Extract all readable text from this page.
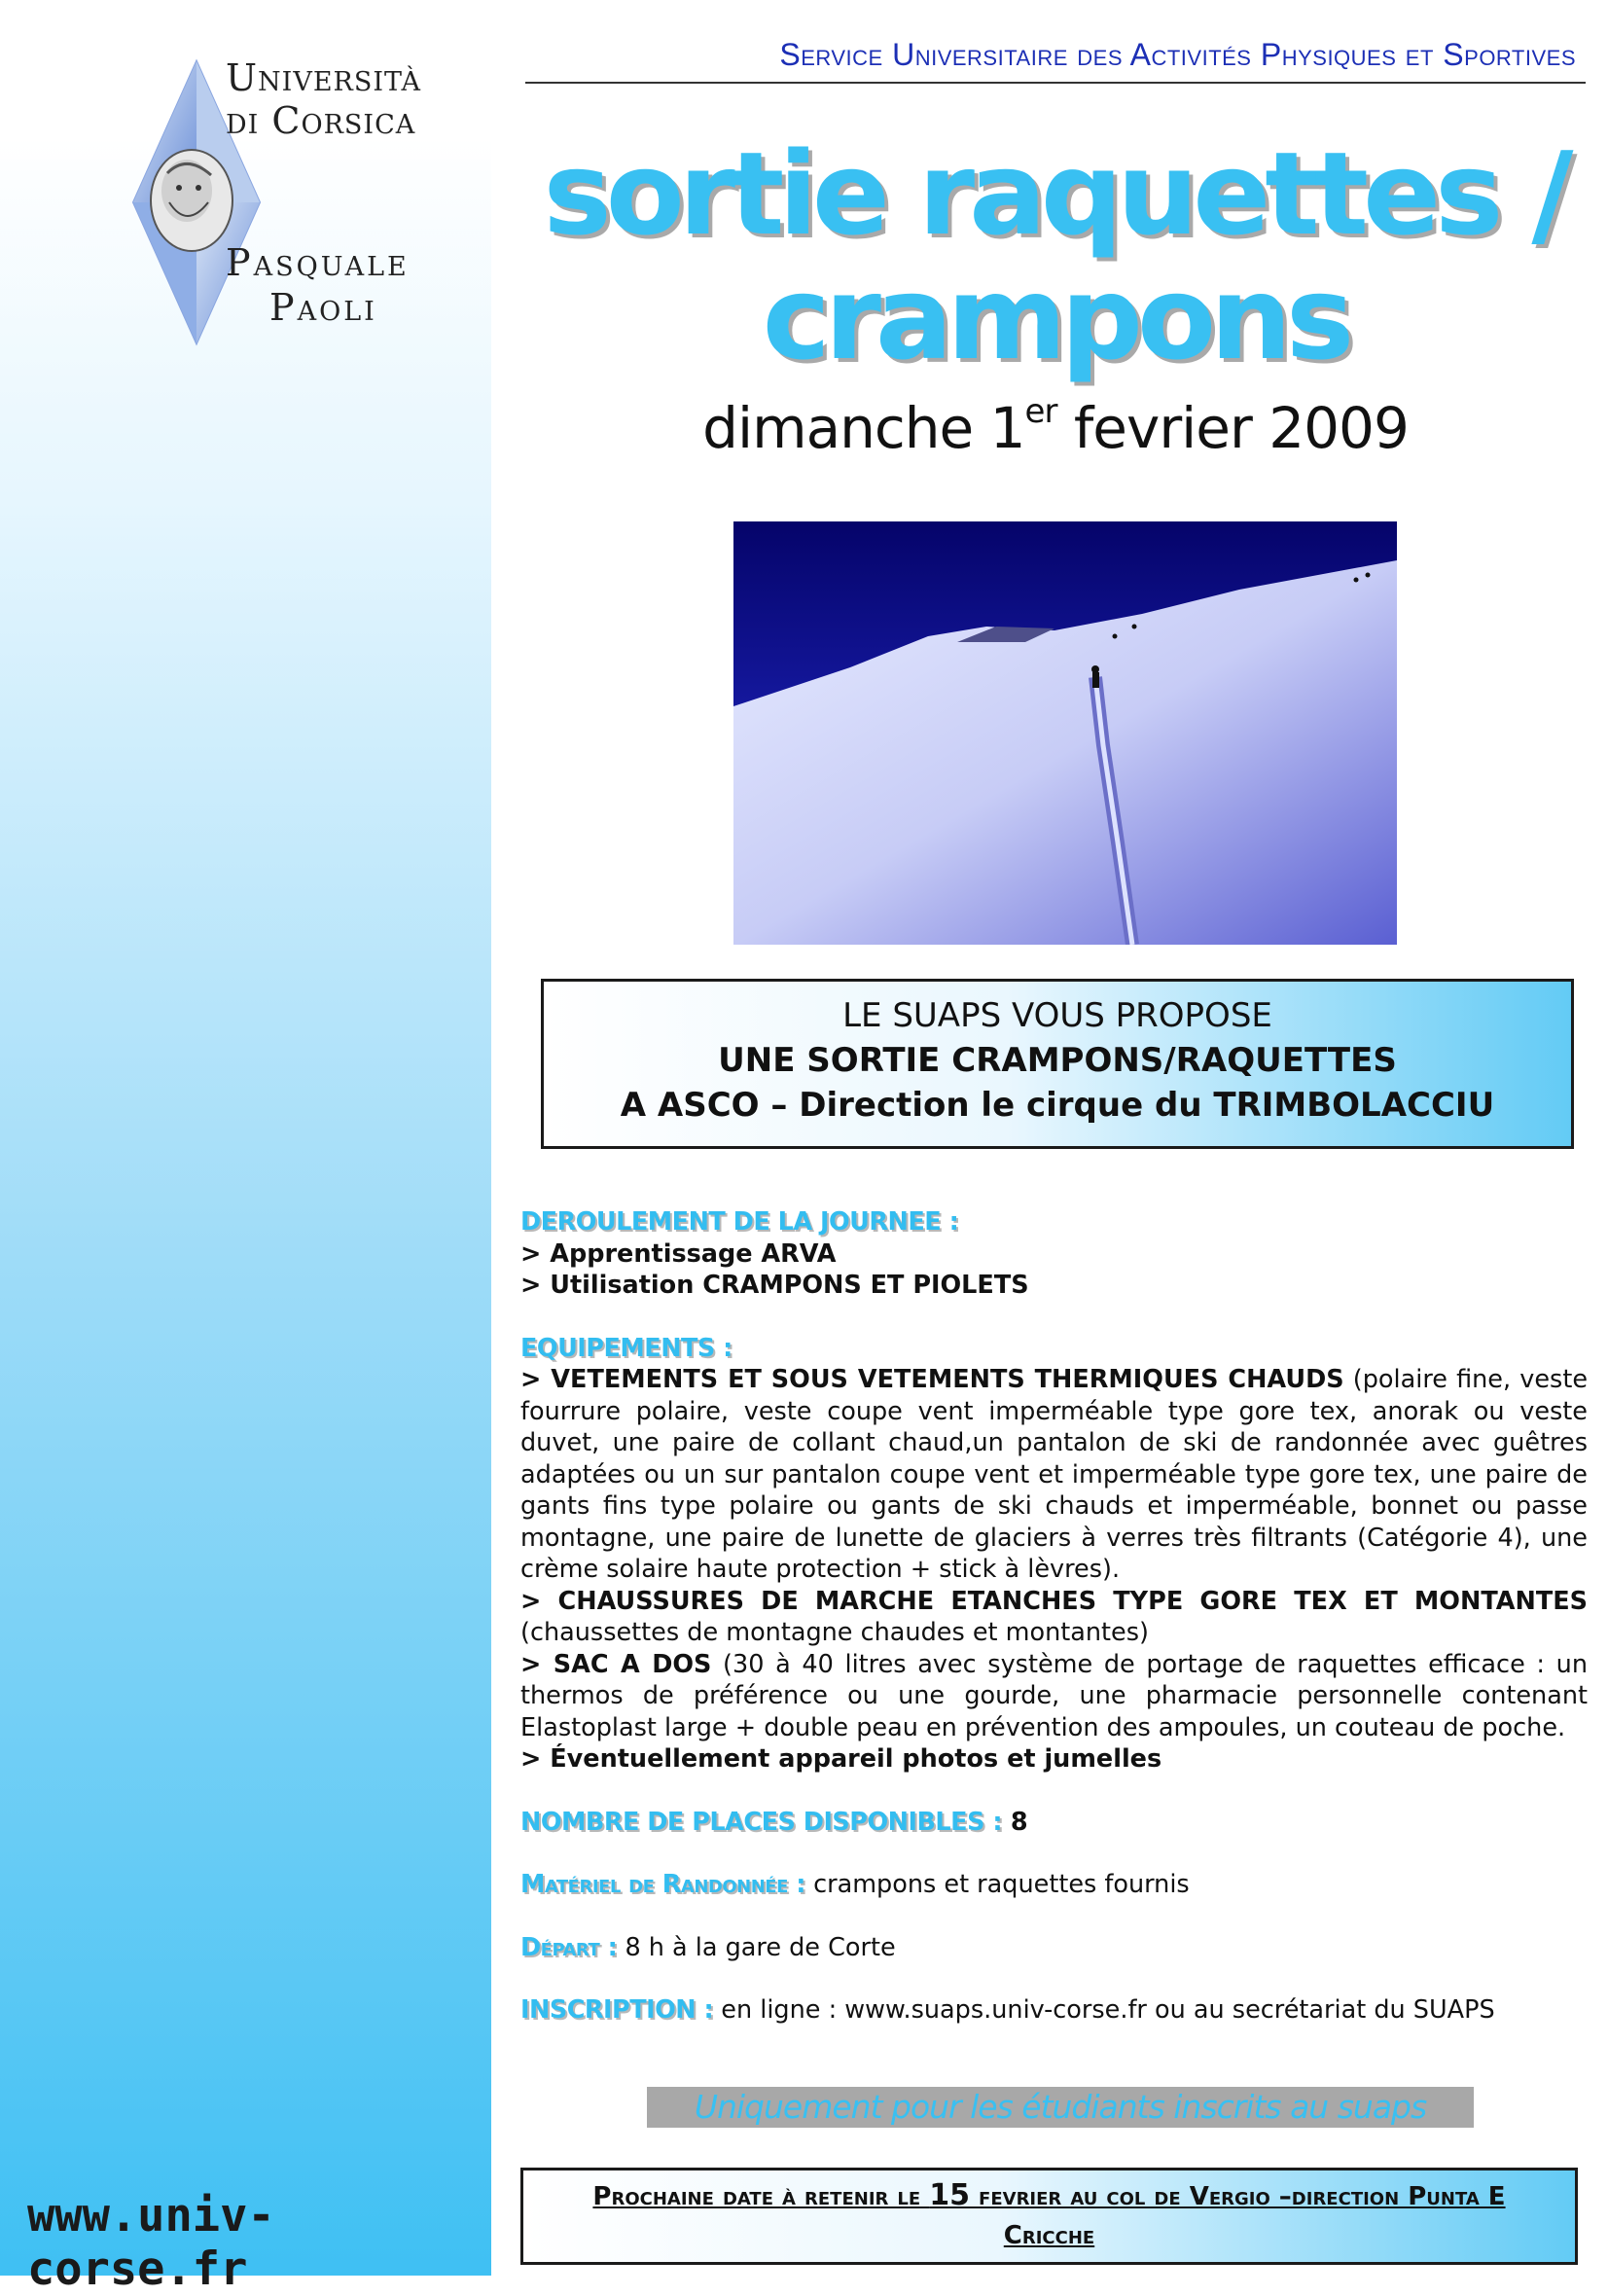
Università
di Corsica
Pasquale
Paoli
www.univ-corse.fr
Service Universitaire des Activités Physiques et Sportives
sortie raquettes /
crampons
dimanche 1er fevrier 2009
LE SUAPS VOUS PROPOSE
UNE SORTIE CRAMPONS/RAQUETTES
A ASCO – Direction le cirque du TRIMBOLACCIU
DEROULEMENT DE LA JOURNEE :
> Apprentissage ARVA
> Utilisation CRAMPONS ET PIOLETS
EQUIPEMENTS :
> VETEMENTS ET SOUS VETEMENTS THERMIQUES CHAUDS (polaire fine, veste fourrure polaire, veste coupe vent imperméable type gore tex, anorak ou veste duvet, une paire de collant chaud,un pantalon de ski de randonnée avec guêtres adaptées ou un sur pantalon coupe vent et imperméable type gore tex, une paire de gants fins type polaire ou gants de ski chauds et imperméable, bonnet ou passe montagne, une paire de lunette de glaciers à verres très filtrants (Catégorie 4), une crème solaire haute protection + stick à lèvres).
> CHAUSSURES DE MARCHE ETANCHES TYPE GORE TEX ET MONTANTES (chaussettes de montagne chaudes et montantes)
> SAC A DOS (30 à 40 litres avec système de portage de raquettes efficace : un thermos de préférence ou une gourde, une pharmacie personnelle contenant Elastoplast large + double peau en prévention des ampoules, un couteau de poche.
> Éventuellement appareil photos et jumelles
NOMBRE DE PLACES DISPONIBLES : 8
Matériel de Randonnée : crampons et raquettes fournis
Départ : 8 h à la gare de Corte
INSCRIPTION : en ligne : www.suaps.univ-corse.fr ou au secrétariat du SUAPS
Uniquement pour les étudiants inscrits au suaps
Prochaine date à retenir le 15 fevrier au col de Vergio –direction Punta E Cricche
